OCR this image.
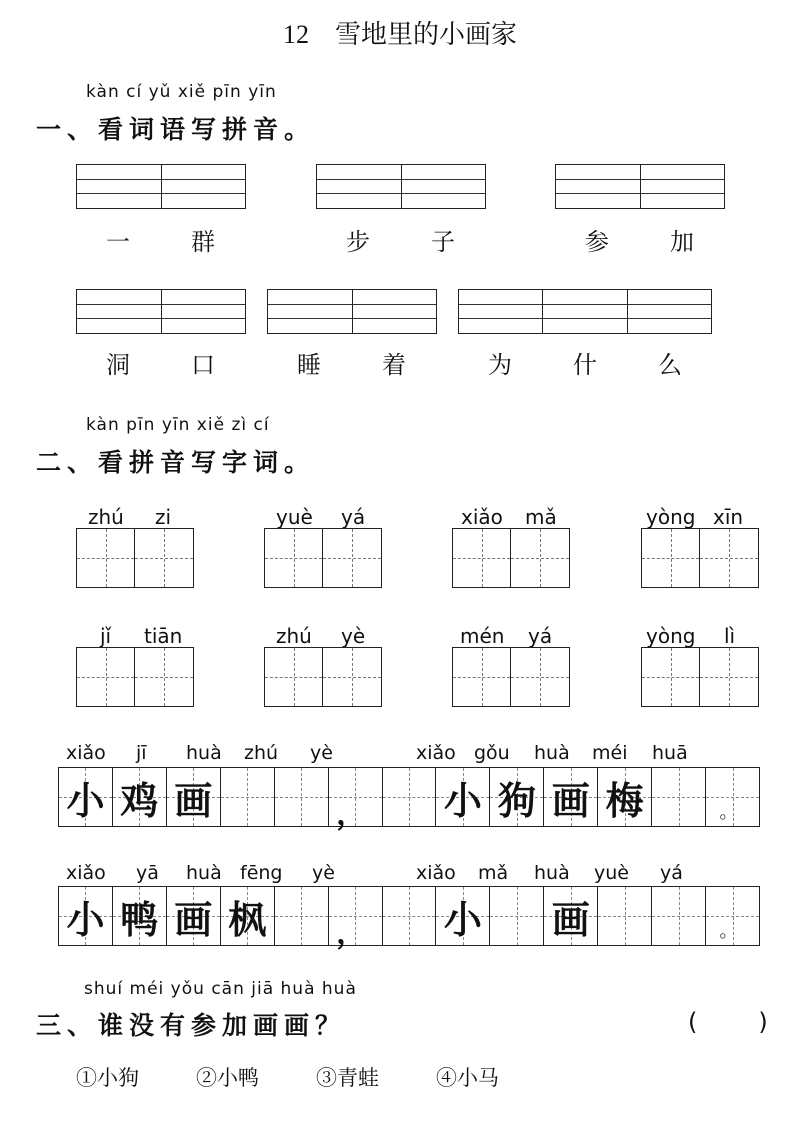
12 雪地里的小画家
kàn cí yǔ xiě pīn yīn
一、看词语写拼音。
一	群	步	子	参	加
洞	口	睡	着	为	什	么
kàn pīn yīn xiě zì cí
二、看拼音写字词。
zhú zi	yuè yá	xiǎo mǎ	yòng xīn
jǐ tiān	zhú yè	mén yá	yòng lì
xiǎo jī huà zhú yè	xiǎo gǒu huà méi huā
小 鸡 画	， 小 狗 画 梅	。
xiǎo yā huà fēng yè	xiǎo mǎ huà yuè yá
小 鸭 画 枫 ， 小 画	。
shuí méi yǒu cān jiā huà huà
三、谁没有参加画画？	(        )
①小狗	②小鸭	③青蛙	④小马
